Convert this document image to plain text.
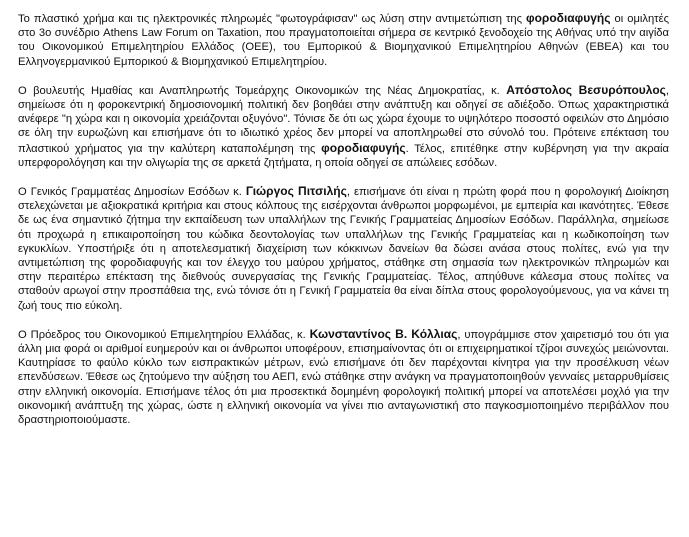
Το πλαστικό χρήμα και τις ηλεκτρονικές πληρωμές "φωτογράφισαν" ως λύση στην αντιμετώπιση της φοροδιαφυγής οι ομιλητές στο 3ο συνέδριο Athens Law Forum on Taxation, που πραγματοποιείται σήμερα σε κεντρικό ξενοδοχείο της Αθήνας υπό την αιγίδα του Οικονομικού Επιμελητηρίου Ελλάδος (ΟΕΕ), του Εμπορικού & Βιομηχανικού Επιμελητηρίου Αθηνών (ΕΒΕΑ) και του Ελληνογερμανικού Εμπορικού & Βιομηχανικού Επιμελητηρίου.

Ο βουλευτής Ημαθίας και Αναπληρωτής Τομεάρχης Οικονομικών της Νέας Δημοκρατίας, κ. Απόστολος Βεσυρόπουλος, σημείωσε ότι η φοροκεντρική δημοσιονομική πολιτική δεν βοηθάει στην ανάπτυξη και οδηγεί σε αδιέξοδο. Όπως χαρακτηριστικά ανέφερε "η χώρα και η οικονομία χρειάζονται οξυγόνο". Τόνισε δε ότι ως χώρα έχουμε το υψηλότερο ποσοστό οφειλών στο Δημόσιο σε όλη την ευρωζώνη και επισήμανε ότι το ιδιωτικό χρέος δεν μπορεί να αποπληρωθεί στο σύνολό του. Πρότεινε επέκταση του πλαστικού χρήματος για την καλύτερη καταπολέμηση της φοροδιαφυγής. Τέλος, επιτέθηκε στην κυβέρνηση για την ακραία υπερφορολόγηση και την ολιγωρία της σε αρκετά ζητήματα, η οποία οδηγεί σε απώλειες εσόδων.

Ο Γενικός Γραμματέας Δημοσίων Εσόδων κ. Γιώργος Πιτσιλής, επισήμανε ότι είναι η πρώτη φορά που η φορολογική Διοίκηση στελεχώνεται με αξιοκρατικά κριτήρια και στους κόλπους της εισέρχονται άνθρωποι μορφωμένοι, με εμπειρία και ικανότητες. Έθεσε δε ως ένα σημαντικό ζήτημα την εκπαίδευση των υπαλλήλων της Γενικής Γραμματείας Δημοσίων Εσόδων. Παράλληλα, σημείωσε ότι προχωρά η επικαιροποίηση του κώδικα δεοντολογίας των υπαλλήλων της Γενικής Γραμματείας και η κωδικοποίηση των εγκυκλίων. Υποστήριξε ότι η αποτελεσματική διαχείριση των κόκκινων δανείων θα δώσει ανάσα στους πολίτες, ενώ για την αντιμετώπιση της φοροδιαφυγής και τον έλεγχο του μαύρου χρήματος, στάθηκε στη σημασία των ηλεκτρονικών πληρωμών και στην περαιτέρω επέκταση της διεθνούς συνεργασίας της Γενικής Γραμματείας. Τέλος, απηύθυνε κάλεσμα στους πολίτες να σταθούν αρωγοί στην προσπάθεια της, ενώ τόνισε ότι η Γενική Γραμματεία θα είναι δίπλα στους φορολογούμενους, για να κάνει τη ζωή τους πιο εύκολη.

Ο Πρόεδρος του Οικονομικού Επιμελητηρίου Ελλάδας, κ. Κωνσταντίνος Β. Κόλλιας, υπογράμμισε στον χαιρετισμό του ότι για άλλη μια φορά οι αριθμοί ευημερούν και οι άνθρωποι υποφέρουν, επισημαίνοντας ότι οι επιχειρηματικοί τζίροι συνεχώς μειώνονται. Καυτηρίασε το φαύλο κύκλο των εισπρακτικών μέτρων, ενώ επισήμανε ότι δεν παρέχονται κίνητρα για την προσέλκυση νέων επενδύσεων. Έθεσε ως ζητούμενο την αύξηση του ΑΕΠ, ενώ στάθηκε στην ανάγκη να πραγματοποιηθούν γενναίες μεταρρυθμίσεις στην ελληνική οικονομία. Επισήμανε τέλος ότι μια προσεκτικά δομημένη φορολογική πολιτική μπορεί να αποτελέσει μοχλό για την οικονομική ανάπτυξη της χώρας, ώστε η ελληνική οικονομία να γίνει πιο ανταγωνιστική στο παγκοσμιοποιημένο περιβάλλον που δραστηριοποιούμαστε.
